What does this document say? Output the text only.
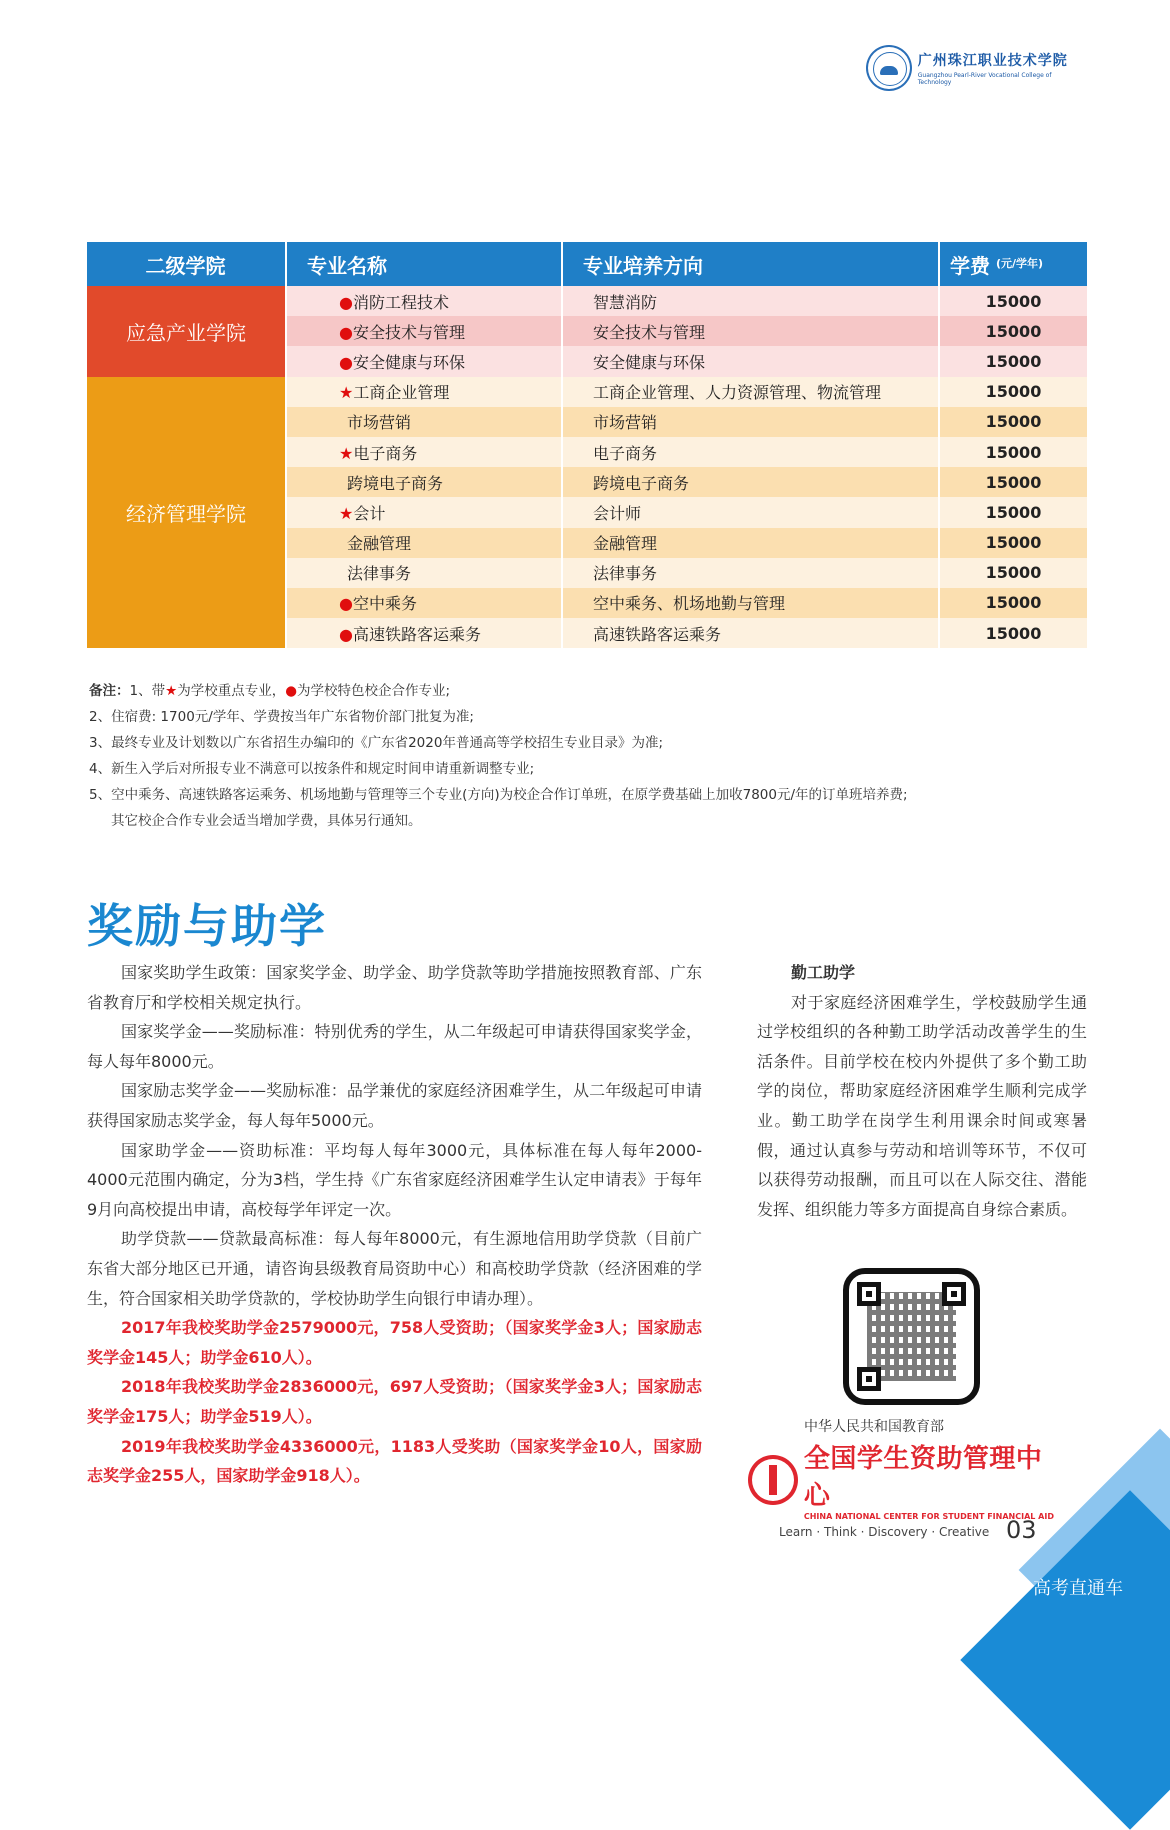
广州珠江职业技术学院
Guangzhou Pearl-River Vocational College of Technology
二级学院	专业名称	专业培养方向	学费 $^{(元/学年)}$
应急产业学院	●消防工程技术	智慧消防	15000
	●安全技术与管理	安全技术与管理	15000
	●安全健康与环保	安全健康与环保	15000
经济管理学院	★工商企业管理	工商企业管理、人力资源管理、物流管理	15000
	市场营销	市场营销	15000
	★电子商务	电子商务	15000
	跨境电子商务	跨境电子商务	15000
	★会计	会计师	15000
	金融管理	金融管理	15000
	法律事务	法律事务	15000
	●空中乘务	空中乘务、机场地勤与管理	15000
	●高速铁路客运乘务	高速铁路客运乘务	15000
备注：1、带★为学校重点专业，●为学校特色校企合作专业;
2、住宿费: 1700元/学年、学费按当年广东省物价部门批复为准;
3、最终专业及计划数以广东省招生办编印的《广东省2020年普通高等学校招生专业目录》为准;
4、新生入学后对所报专业不满意可以按条件和规定时间申请重新调整专业;
5、空中乘务、高速铁路客运乘务、机场地勤与管理等三个专业(方向)为校企合作订单班，在原学费基础上加收7800元/年的订单班培养费;
其它校企合作专业会适当增加学费，具体另行通知。
奖励与助学

国家奖助学生政策：国家奖学金、助学金、助学贷款等助学措施按照教育部、广东省教育厅和学校相关规定执行。

国家奖学金——奖励标准：特别优秀的学生，从二年级起可申请获得国家奖学金，每人每年8000元。

国家励志奖学金——奖励标准：品学兼优的家庭经济困难学生，从二年级起可申请获得国家励志奖学金，每人每年5000元。

国家助学金——资助标准：平均每人每年3000元，具体标准在每人每年2000-4000元范围内确定，分为3档，学生持《广东省家庭经济困难学生认定申请表》于每年9月向高校提出申请，高校每学年评定一次。

助学贷款——贷款最高标准：每人每年8000元，有生源地信用助学贷款（目前广东省大部分地区已开通，请咨询县级教育局资助中心）和高校助学贷款（经济困难的学生，符合国家相关助学贷款的，学校协助学生向银行申请办理）。

2017年我校奖助学金2579000元，758人受资助；（国家奖学金3人；国家励志奖学金145人；助学金610人）。

2018年我校奖助学金2836000元，697人受资助；（国家奖学金3人；国家励志奖学金175人；助学金519人）。

2019年我校奖助学金4336000元，1183人受奖助（国家奖学金10人，国家励志奖学金255人，国家助学金918人）。

勤工助学

对于家庭经济困难学生，学校鼓励学生通过学校组织的各种勤工助学活动改善学生的生活条件。目前学校在校内外提供了多个勤工助学的岗位，帮助家庭经济困难学生顺利完成学业。勤工助学在岗学生利用课余时间或寒暑假，通过认真参与劳动和培训等环节，不仅可以获得劳动报酬，而且可以在人际交往、潜能发挥、组织能力等多方面提高自身综合素质。

中华人民共和国教育部
全国学生资助管理中心
CHINA NATIONAL CENTER FOR STUDENT FINANCIAL AID
Learn · Think · Discovery · Creative 03
高考直通车
